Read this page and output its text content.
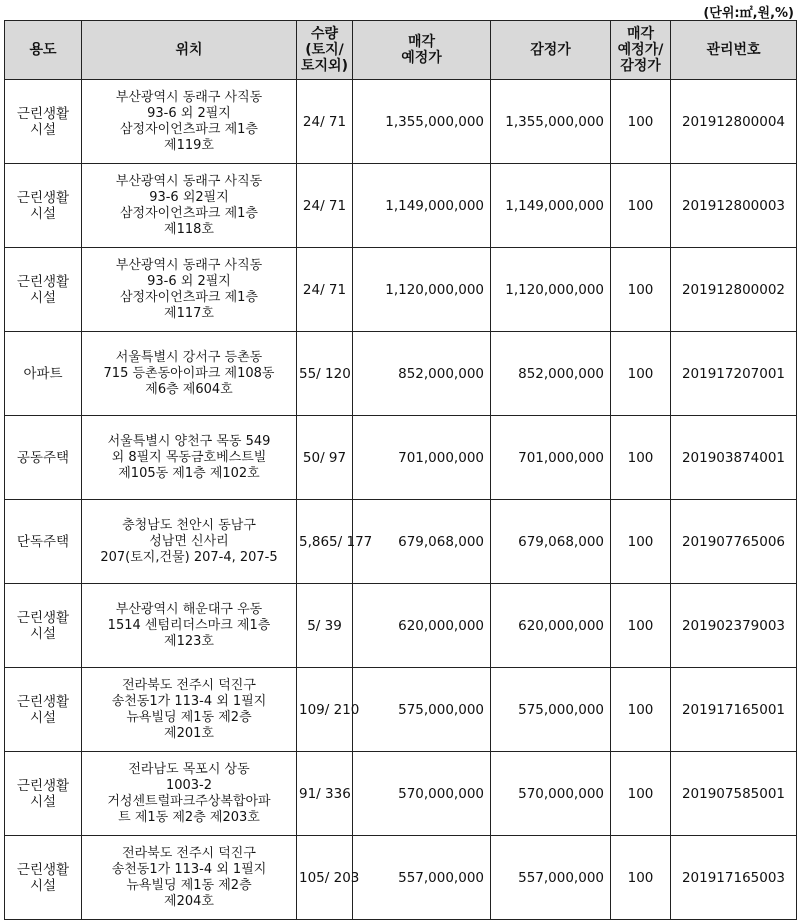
(단위:㎡,원,%)
용도	위치	수량
(토지/
토지외)	매각
예정가	감정가	매각
예정가/
감정가	관리번호
근린생활
시설	부산광역시 동래구 사직동
93-6 외 2필지
삼정자이언츠파크 제1층
제119호	24/ 71	1,355,000,000	1,355,000,000	100	201912800004
근린생활
시설	부산광역시 동래구 사직동
93-6 외2필지
삼정자이언츠파크 제1층
제118호	24/ 71	1,149,000,000	1,149,000,000	100	201912800003
근린생활
시설	부산광역시 동래구 사직동
93-6 외 2필지
삼정자이언츠파크 제1층
제117호	24/ 71	1,120,000,000	1,120,000,000	100	201912800002
아파트	서울특별시 강서구 등촌동
715 등촌동아이파크 제108동
제6층 제604호	55/ 120	852,000,000	852,000,000	100	201917207001
공동주택	서울특별시 양천구 목동 549
외 8필지 목동금호베스트빌
제105동 제1층 제102호	50/ 97	701,000,000	701,000,000	100	201903874001
단독주택	충청남도 천안시 동남구
성남면 신사리
207(토지,건물) 207-4, 207-5	5,865/ 177	679,068,000	679,068,000	100	201907765006
근린생활
시설	부산광역시 해운대구 우동
1514 센텀리더스마크 제1층
제123호	5/ 39	620,000,000	620,000,000	100	201902379003
근린생활
시설	전라북도 전주시 덕진구
송천동1가 113-4 외 1필지
뉴욕빌딩 제1동 제2층
제201호	109/ 210	575,000,000	575,000,000	100	201917165001
근린생활
시설	전라남도 목포시 상동
1003-2
거성센트럴파크주상복합아파
트 제1동 제2층 제203호	91/ 336	570,000,000	570,000,000	100	201907585001
근린생활
시설	전라북도 전주시 덕진구
송천동1가 113-4 외 1필지
뉴욕빌딩 제1동 제2층
제204호	105/ 203	557,000,000	557,000,000	100	201917165003
